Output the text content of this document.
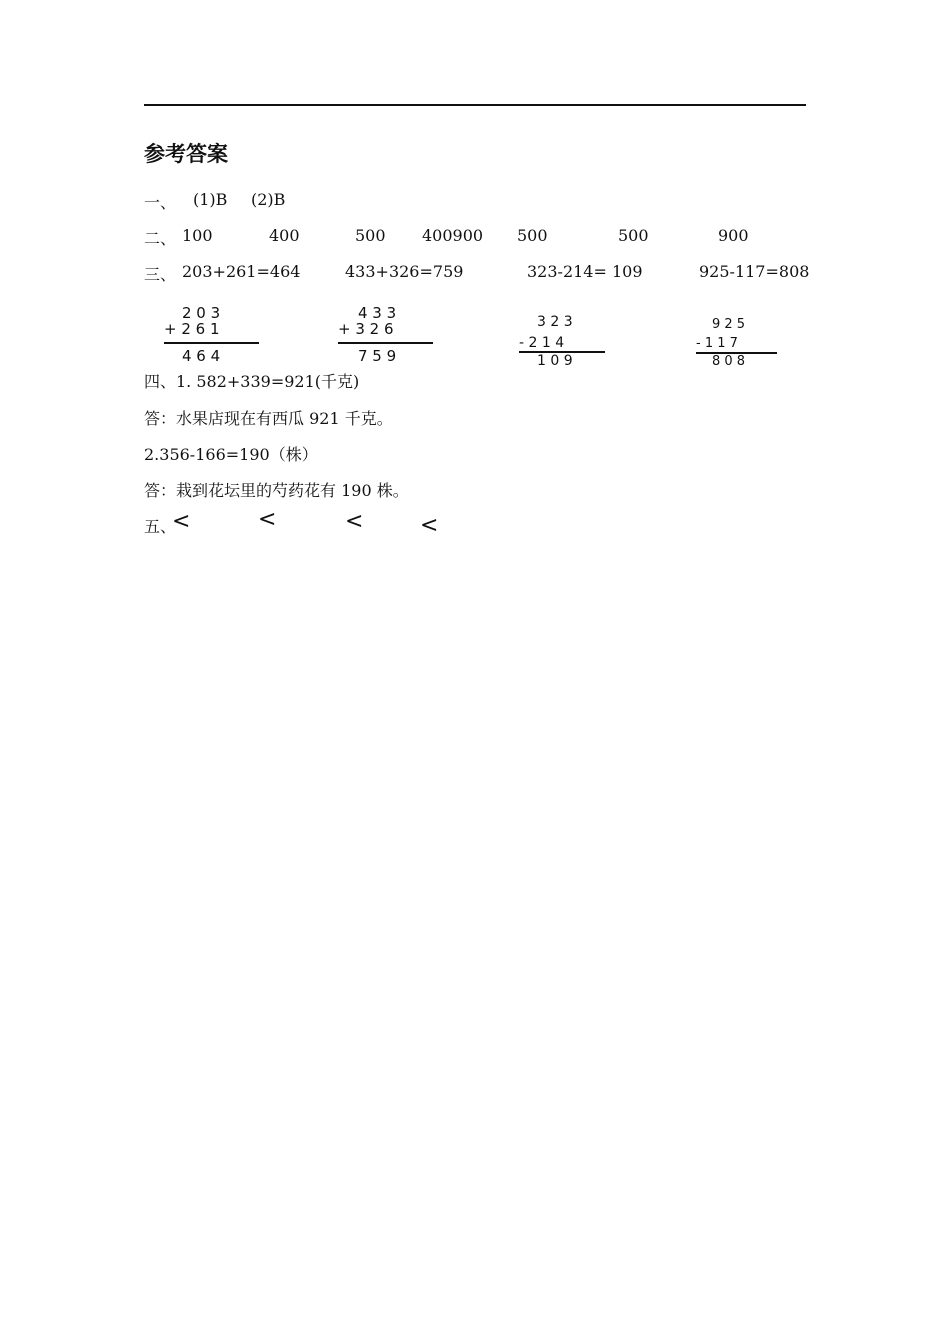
参考答案
一、 (1)B (2)B
二、 100	400	500 400900 500	500	900
三、 203+261=464	433+326=759	323-214= 109	925-117=808
2 0 3
+ 2 6 1
4 6 4
4 3 3
+ 3 2 6
7 5 9
3 2 3
- 2 1 4
1 0 9
9 2 5
- 1 1 7
8 0 8
四、1. 582+339=921(千克)
答：水果店现在有西瓜 921 千克。
2.356-166=190（株）
答：栽到花坛里的芍药花有 190 株。
五、
<	<	<	<
